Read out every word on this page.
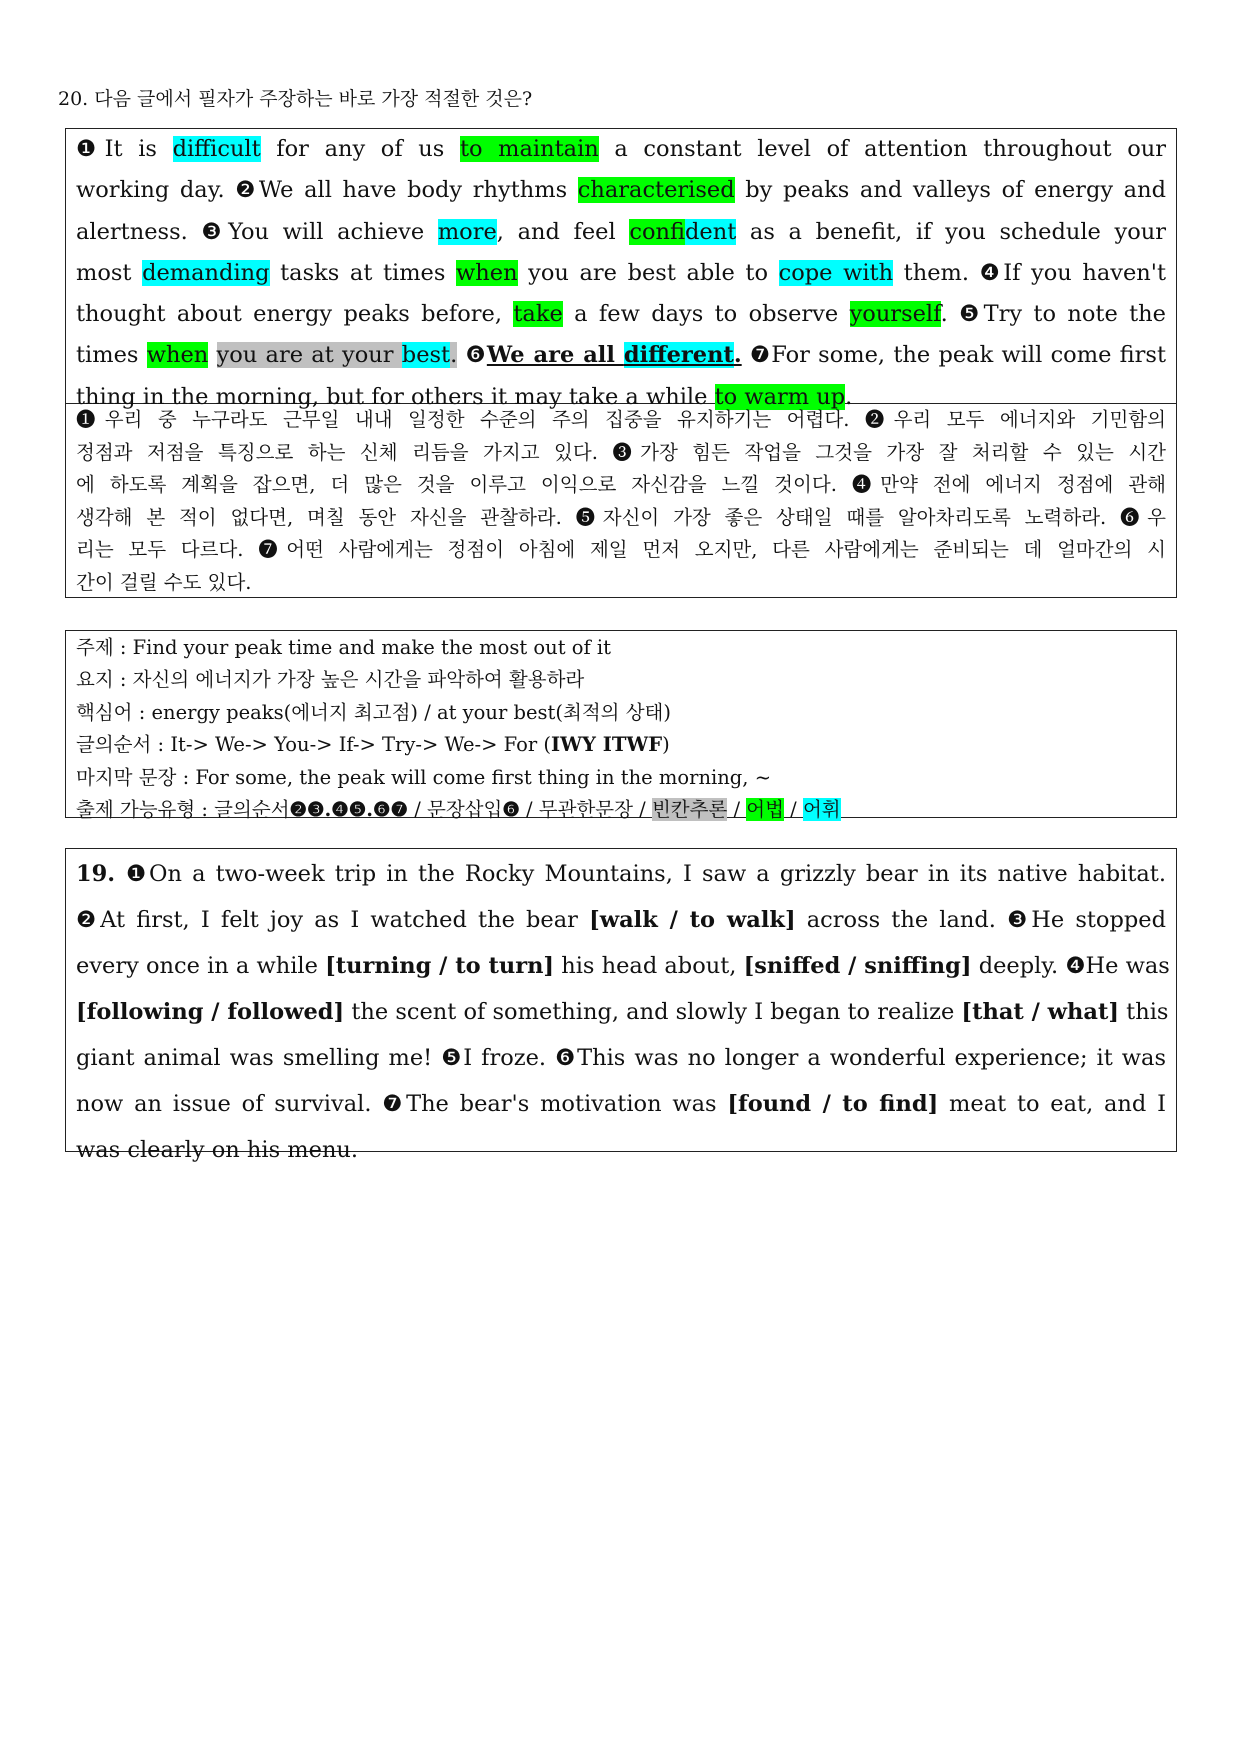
20. 다음 글에서 필자가 주장하는 바로 가장 적절한 것은?
❶It is difficult for any of us to maintain a constant level of attention throughout our
working day. ❷We all have body rhythms characterised by peaks and valleys of energy and
alertness. ❸You will achieve more, and feel confident as a benefit, if you schedule your
most demanding tasks at times when you are best able to cope with them. ❹If you haven't
thought about energy peaks before, take a few days to observe yourself. ❺Try to note the
times when you are at your best. ❻We are all different. ❼For some, the peak will come first
thing in the morning, but for others it may take a while to warm up.
❶우리 중 누구라도 근무일 내내 일정한 수준의 주의 집중을 유지하기는 어렵다. ❷우리 모두 에너지와 기민함의
정점과 저점을 특징으로 하는 신체 리듬을 가지고 있다. ❸가장 힘든 작업을 그것을 가장 잘 처리할 수 있는 시간
에 하도록 계획을 잡으면, 더 많은 것을 이루고 이익으로 자신감을 느낄 것이다. ❹만약 전에 에너지 정점에 관해
생각해 본 적이 없다면, 며칠 동안 자신을 관찰하라. ❺자신이 가장 좋은 상태일 때를 알아차리도록 노력하라. ❻우
리는 모두 다르다. ❼어떤 사람에게는 정점이 아침에 제일 먼저 오지만, 다른 사람에게는 준비되는 데 얼마간의 시
간이 걸릴 수도 있다.
주제 : Find your peak time and make the most out of it
요지 : 자신의 에너지가 가장 높은 시간을 파악하여 활용하라
핵심어 : energy peaks(에너지 최고점) / at your best(최적의 상태)
글의순서 : It-> We-> You-> If-> Try-> We-> For (IWY ITWF)
마지막 문장 : For some, the peak will come first thing in the morning, ~
출제 가능유형 : 글의순서❷❸.❹❺.❻❼ / 문장삽입❻ / 무관한문장 / 빈칸추론 / 어법 / 어휘
19. ❶On a two-week trip in the Rocky Mountains, I saw a grizzly bear in its native habitat.
❷At first, I felt joy as I watched the bear [walk / to walk] across the land. ❸He stopped
every once in a while [turning / to turn] his head about, [sniffed / sniffing] deeply. ❹He was
[following / followed] the scent of something, and slowly I began to realize [that / what] this
giant animal was smelling me! ❺I froze. ❻This was no longer a wonderful experience; it was
now an issue of survival. ❼The bear's motivation was [found / to find] meat to eat, and I
was clearly on his menu.
